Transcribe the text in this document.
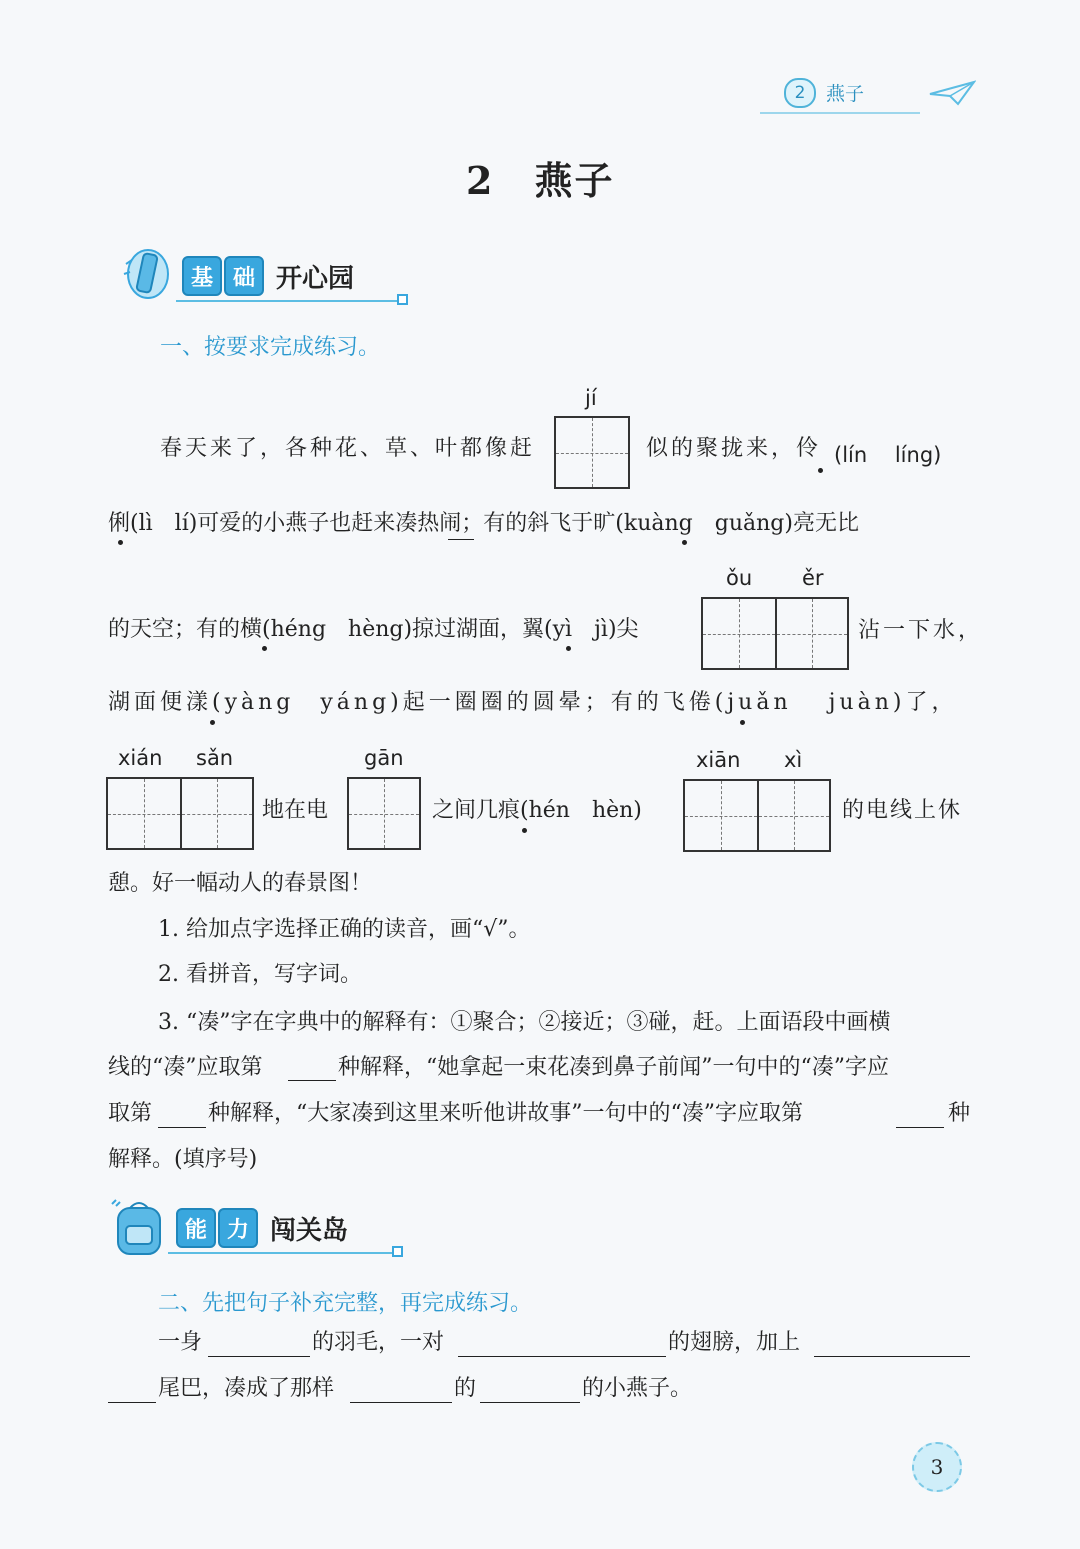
2	燕子
2 燕子
基 础 开心园
一、按要求完成练习。
jí
春天来了，各种花、草、叶都像赶	似的聚拢来，伶 (lín　 líng)
俐(lì　lí)可爱的小燕子也赶来凑热闹；有的斜飞于旷(kuàng　guǎng)亮无比
ǒu ěr
的天空；有的横(héng　hèng)掠过湖面，翼(yì　jì)尖	沾一下水，
湖面便漾(yàng　yáng)起一圈圈的圆晕；有的飞倦(juǎn　 juàn)了，
xián sǎn	gān	xiān xì
地在电	之间几痕(hén　hèn)	的电线上休
憩。好一幅动人的春景图！
1. 给加点字选择正确的读音，画“√”。
2. 看拼音，写字词。
3. “凑”字在字典中的解释有：①聚合；②接近；③碰，赶。上面语段中画横
线的“凑”应取第	种解释，“她拿起一束花凑到鼻子前闻”一句中的“凑”字应
取第	种解释，“大家凑到这里来听他讲故事”一句中的“凑”字应取第	种
解释。(填序号)
能 力 闯关岛
二、先把句子补充完整，再完成练习。
一身	的羽毛，一对	的翅膀，加上
尾巴，凑成了那样	的	的小燕子。
3
